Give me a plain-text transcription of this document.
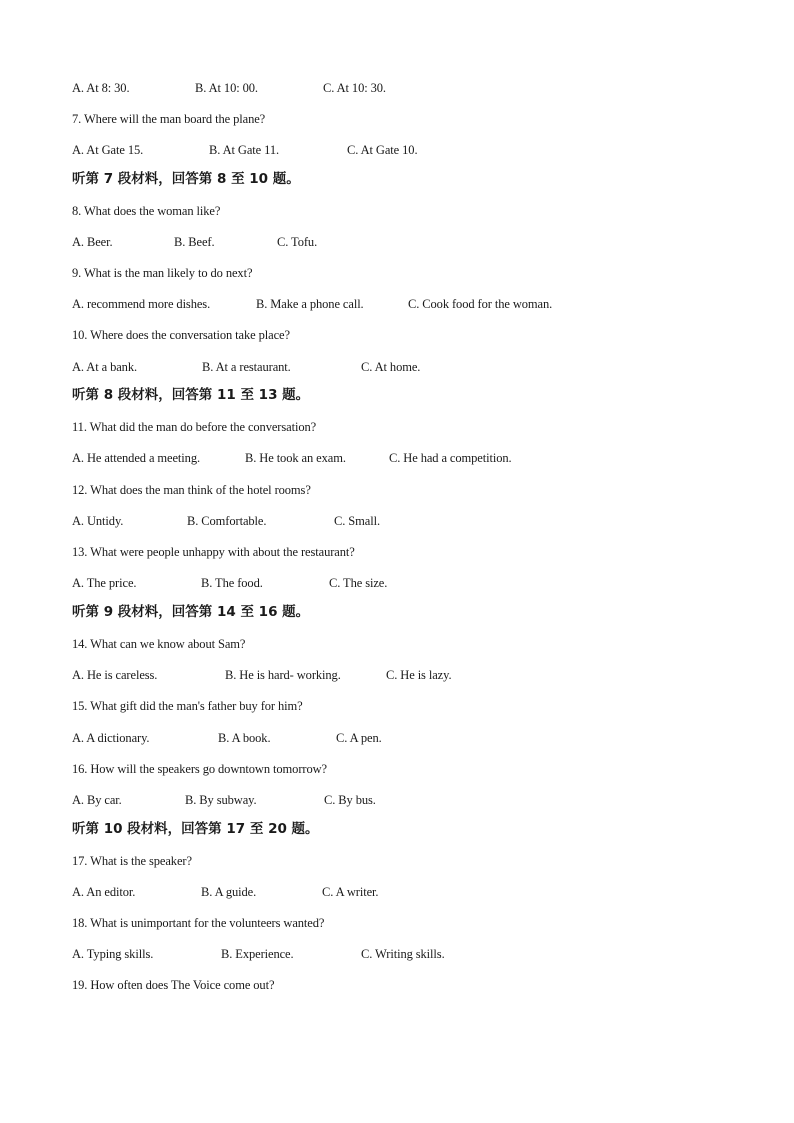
A. At 8: 30.	B. At 10: 00.	C. At 10: 30.
7. Where will the man board the plane?
A. At Gate 15.	B. At Gate 11.	C. At Gate 10.
听第 7 段材料，回答第 8 至 10 题。
8. What does the woman like?
A. Beer.	B. Beef.	C. Tofu.
9. What is the man likely to do next?
A. recommend more dishes.	B. Make a phone call.	C. Cook food for the woman.
10. Where does the conversation take place?
A. At a bank.	B. At a restaurant.	C. At home.
听第 8 段材料，回答第 11 至 13 题。
11. What did the man do before the conversation?
A. He attended a meeting.	B. He took an exam.	C. He had a competition.
12. What does the man think of the hotel rooms?
A. Untidy.	B. Comfortable.	C. Small.
13. What were people unhappy with about the restaurant?
A. The price.	B. The food.	C. The size.
听第 9 段材料，回答第 14 至 16 题。
14. What can we know about Sam?
A. He is careless.	B. He is hard- working.	C. He is lazy.
15. What gift did the man's father buy for him?
A. A dictionary.	B. A book.	C. A pen.
16. How will the speakers go downtown tomorrow?
A. By car.	B. By subway.	C. By bus.
听第 10 段材料，回答第 17 至 20 题。
17. What is the speaker?
A. An editor.	B. A guide.	C. A writer.
18. What is unimportant for the volunteers wanted?
A. Typing skills.	B. Experience.	C. Writing skills.
19. How often does The Voice come out?
